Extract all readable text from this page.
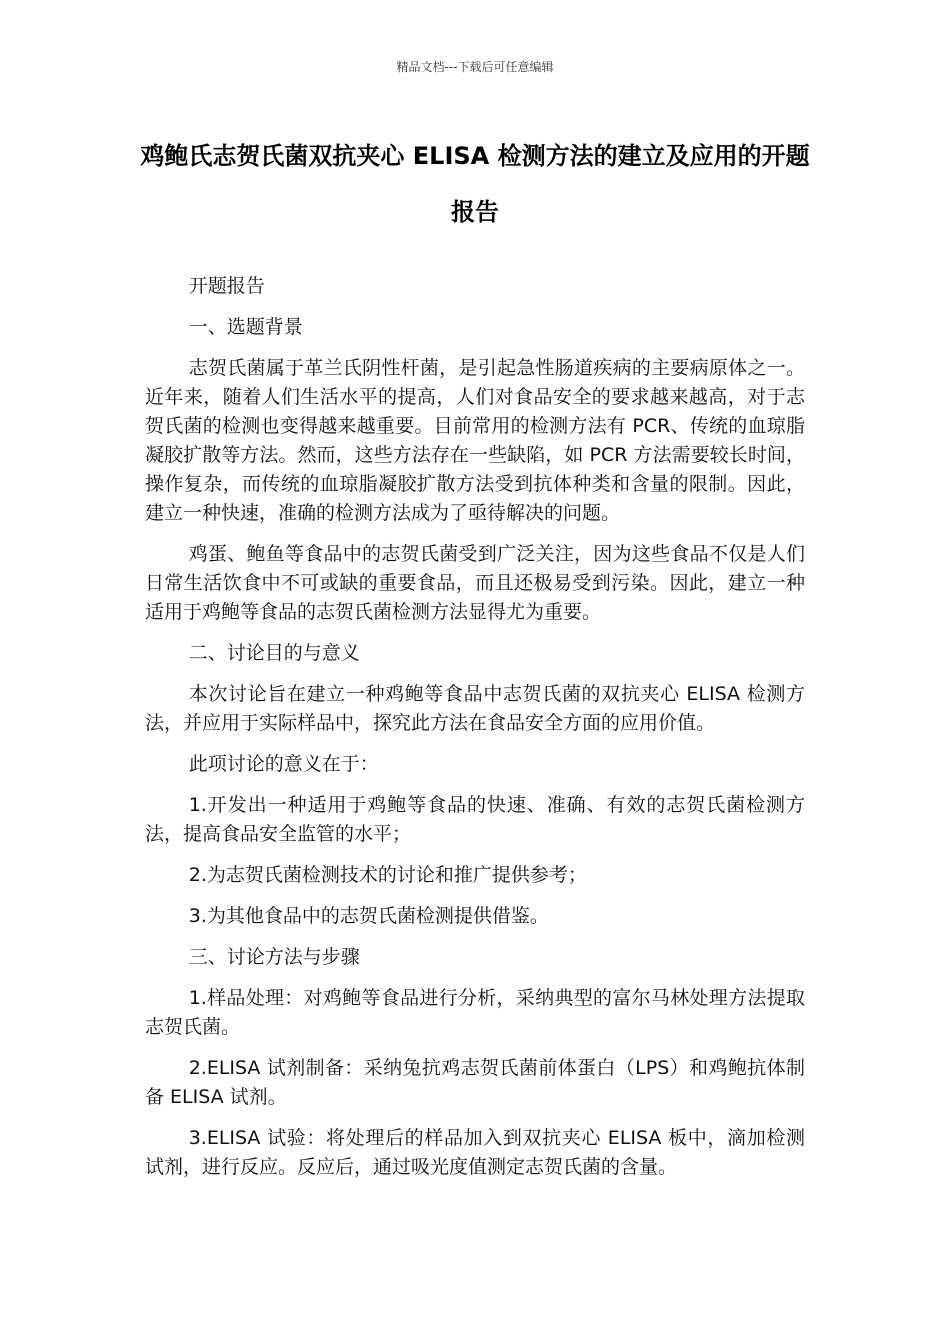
精品文档---下载后可任意编辑
鸡鲍氏志贺氏菌双抗夹心 ELISA 检测方法的建立及应用的开题报告

开题报告

一、选题背景

志贺氏菌属于革兰氏阴性杆菌，是引起急性肠道疾病的主要病原体之一。近年来，随着人们生活水平的提高，人们对食品安全的要求越来越高，对于志贺氏菌的检测也变得越来越重要。目前常用的检测方法有 PCR、传统的血琼脂凝胶扩散等方法。然而，这些方法存在一些缺陷，如 PCR 方法需要较长时间，操作复杂，而传统的血琼脂凝胶扩散方法受到抗体种类和含量的限制。因此，建立一种快速，准确的检测方法成为了亟待解决的问题。

鸡蛋、鲍鱼等食品中的志贺氏菌受到广泛关注，因为这些食品不仅是人们日常生活饮食中不可或缺的重要食品，而且还极易受到污染。因此，建立一种适用于鸡鲍等食品的志贺氏菌检测方法显得尤为重要。

二、讨论目的与意义

本次讨论旨在建立一种鸡鲍等食品中志贺氏菌的双抗夹心 ELISA 检测方法，并应用于实际样品中，探究此方法在食品安全方面的应用价值。

此项讨论的意义在于：

1.开发出一种适用于鸡鲍等食品的快速、准确、有效的志贺氏菌检测方法，提高食品安全监管的水平；

2.为志贺氏菌检测技术的讨论和推广提供参考；

3.为其他食品中的志贺氏菌检测提供借鉴。

三、讨论方法与步骤

1.样品处理：对鸡鲍等食品进行分析，采纳典型的富尔马林处理方法提取志贺氏菌。

2.ELISA 试剂制备：采纳兔抗鸡志贺氏菌前体蛋白（LPS）和鸡鲍抗体制备 ELISA 试剂。

3.ELISA 试验：将处理后的样品加入到双抗夹心 ELISA 板中，滴加检测试剂，进行反应。反应后，通过吸光度值测定志贺氏菌的含量。
